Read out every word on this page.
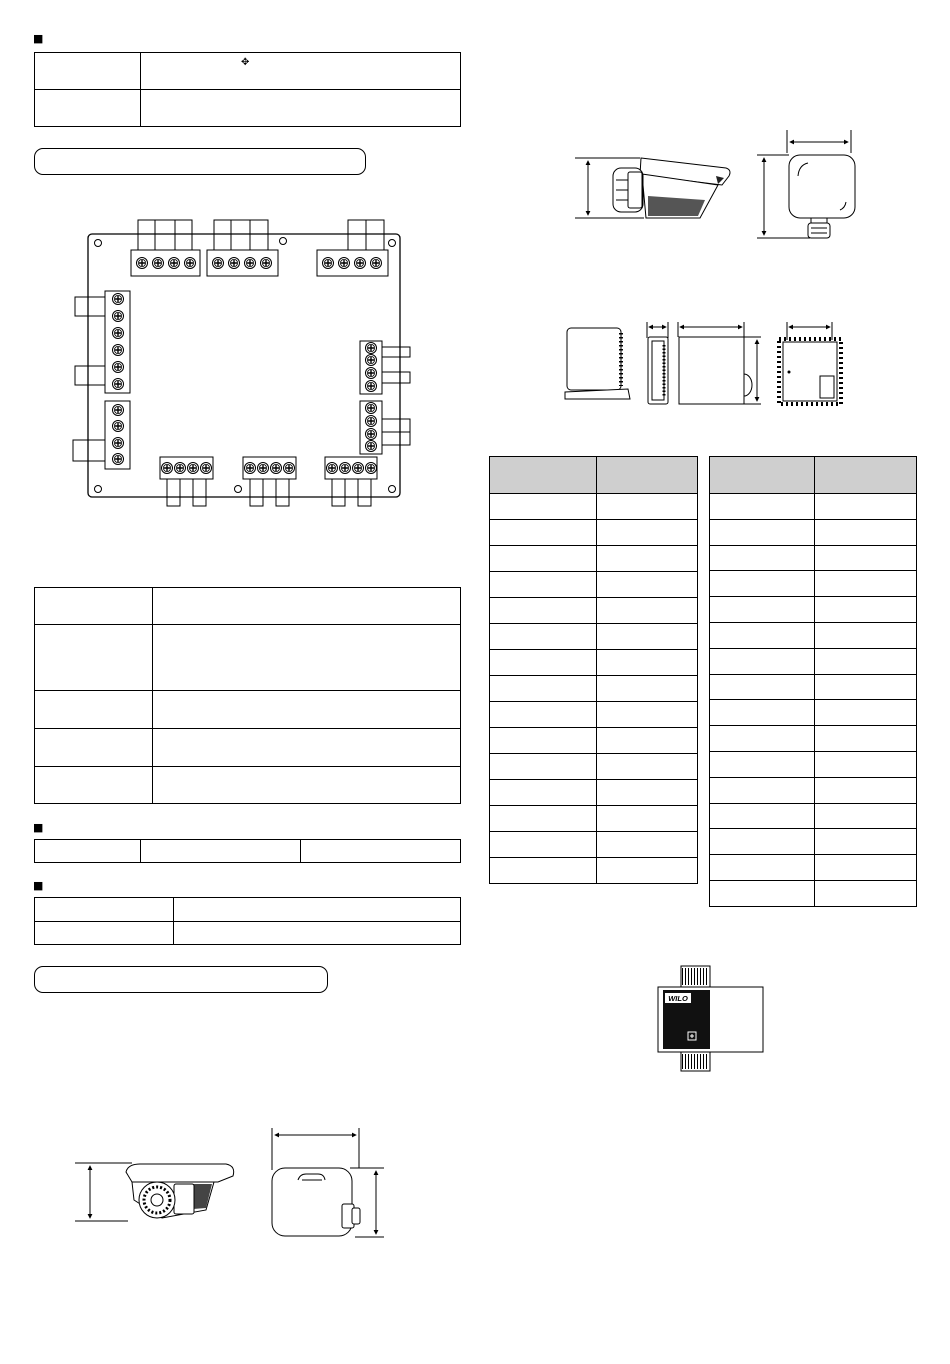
WILO
■
■
■
	✥
